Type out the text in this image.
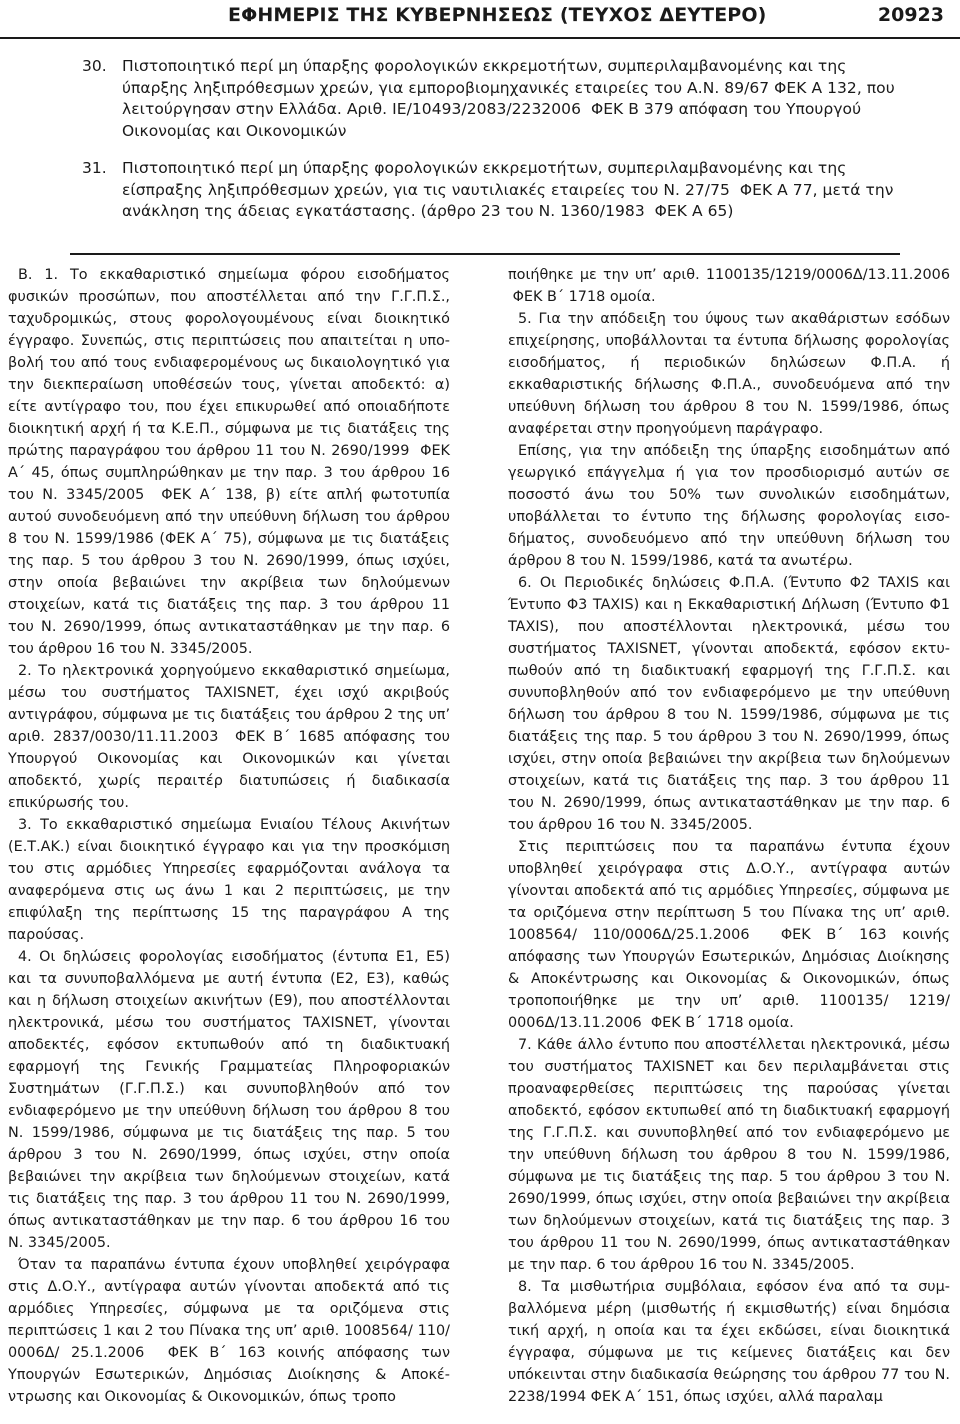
ΕΦΗΜΕΡΙΣ ΤΗΣ ΚΥΒΕΡΝΗΣΕΩΣ (ΤΕΥΧΟΣ ΔΕΥΤΕΡΟ)	20923
30. Πιστοποιητικό περί μη ύπαρξης φορολογικών εκκρεμοτήτων, συμπεριλαμβανομένης και της ύπαρξης ληξιπρόθεσμων χρεών, για εμποροβιομηχανικές εταιρείες του Α.Ν. 89/67 ΦΕΚ Α 132, που λειτούργησαν στην Ελλάδα. Αριθ. ΙΕ/10493/2083/2232006 ΦΕΚ Β 379 απόφαση του Υπουργού Οικονομίας και Οικονομικών
31. Πιστοποιητικό περί μη ύπαρξης φορολογικών εκκρεμοτήτων, συμπεριλαμβανομένης και της είσπραξης ληξιπρόθεσμων χρεών, για τις ναυτιλιακές εταιρείες του Ν. 27/75 ΦΕΚ Α 77, μετά την ανάκληση της άδειας εγκατάστασης. (άρθρο 23 του Ν. 1360/1983 ΦΕΚ Α 65)

Β. 1. Το εκκαθαριστικό σημείωμα φόρου εισοδήματος φυσικών προσώπων, που αποστέλλεται από την Γ.Γ.Π.Σ., ταχυδρομικώς, στους φορολογουμένους είναι διοικητικό έγγραφο. Συνεπώς, στις περιπτώσεις που απαιτείται η υποβολή του από τους ενδιαφερομένους ως δικαιολογητικό για την διεκπεραίωση υποθέσεών τους, γίνεται αποδεκτό: α) είτε αντίγραφο του, που έχει επικυρωθεί από οποιαδήποτε διοικητική αρχή ή τα Κ.Ε.Π., σύμφωνα με τις διατάξεις της πρώτης παραγράφου του άρθρου 11 του Ν. 2690/1999 ΦΕΚ Α΄ 45, όπως συμπληρώθηκαν με την παρ. 3 του άρθρου 16 του Ν. 3345/2005 ΦΕΚ Α΄ 138, β) είτε απλή φωτοτυπία αυτού συνοδευόμενη από την υπεύθυνη δήλωση του άρθρου 8 του Ν. 1599/1986 (ΦΕΚ Α΄ 75), σύμφωνα με τις διατάξεις της παρ. 5 του άρθρου 3 του Ν. 2690/1999, όπως ισχύει, στην οποία βεβαιώνει την ακρίβεια των δηλούμενων στοιχείων, κατά τις διατάξεις της παρ. 3 του άρθρου 11 του Ν. 2690/1999, όπως αντικαταστάθηκαν με την παρ. 6 του άρθρου 16 του Ν. 3345/2005.

2. Το ηλεκτρονικά χορηγούμενο εκκαθαριστικό σημείωμα, μέσω του συστήματος TAXISNET, έχει ισχύ ακριβούς αντιγράφου, σύμφωνα με τις διατάξεις του άρθρου 2 της υπ’ αριθ. 2837/0030/11.11.2003 ΦΕΚ Β΄ 1685 απόφασης του Υπουργού Οικονομίας και Οικονομικών και γίνεται αποδεκτό, χωρίς περαιτέρ διατυπώσεις ή διαδικασία επικύρωσής του.

3. Το εκκαθαριστικό σημείωμα Ενιαίου Τέλους Ακινήτων (Ε.Τ.ΑΚ.) είναι διοικητικό έγγραφο και για την προσκόμιση του στις αρμόδιες Υπηρεσίες εφαρμόζονται ανάλογα τα αναφερόμενα στις ως άνω 1 και 2 περιπτώσεις, με την επιφύλαξη της περίπτωσης 15 της παραγράφου Α της παρούσας.

4. Οι δηλώσεις φορολογίας εισοδήματος (έντυπα Ε1, Ε5) και τα συνυποβαλλόμενα με αυτή έντυπα (Ε2, Ε3), καθώς και η δήλωση στοιχείων ακινήτων (Ε9), που αποστέλλονται ηλεκτρονικά, μέσω του συστήματος TAXISNET, γίνονται αποδεκτές, εφόσον εκτυπωθούν από τη διαδικτυακή εφαρμογή της Γενικής Γραμματείας Πληροφοριακών Συστημάτων (Γ.Γ.Π.Σ.) και συνυποβληθούν από τον ενδιαφερόμενο με την υπεύθυνη δήλωση του άρθρου 8 του Ν. 1599/1986, σύμφωνα με τις διατάξεις της παρ. 5 του άρθρου 3 του Ν. 2690/1999, όπως ισχύει, στην οποία βεβαιώνει την ακρίβεια των δηλούμενων στοιχείων, κατά τις διατάξεις της παρ. 3 του άρθρου 11 του Ν. 2690/1999, όπως αντικαταστάθηκαν με την παρ. 6 του άρθρου 16 του Ν. 3345/2005.

Όταν τα παραπάνω έντυπα έχουν υποβληθεί χειρόγραφα στις Δ.Ο.Υ., αντίγραφα αυτών γίνονται αποδεκτά από τις αρμόδιες Υπηρεσίες, σύμφωνα με τα οριζόμενα στις περιπτώσεις 1 και 2 του Πίνακα της υπ’ αριθ. 1008564/ 110/ 0006Δ/ 25.1.2006 ΦΕΚ Β΄ 163 κοινής απόφασης των Υπουργών Εσωτερικών, Δημόσιας Διοίκησης & Αποκέντρωσης και Οικονομίας & Οικονομικών, όπως τροπο

ποιήθηκε με την υπ’ αριθ. 1100135/1219/0006Δ/13.11.2006 ΦΕΚ Β΄ 1718 ομοία.

5. Για την απόδειξη του ύψους των ακαθάριστων εσόδων επιχείρησης, υποβάλλονται τα έντυπα δήλωσης φορολογίας εισοδήματος, ή περιοδικών δηλώσεων Φ.Π.Α. ή εκκαθαριστικής δήλωσης Φ.Π.Α., συνοδευόμενα από την υπεύθυνη δήλωση του άρθρου 8 του Ν. 1599/1986, όπως αναφέρεται στην προηγούμενη παράγραφο.

Επίσης, για την απόδειξη της ύπαρξης εισοδημάτων από γεωργικό επάγγελμα ή για τον προσδιορισμό αυτών σε ποσοστό άνω του 50% των συνολικών εισοδημάτων, υποβάλλεται το έντυπο της δήλωσης φορολογίας εισοδήματος, συνοδευόμενο από την υπεύθυνη δήλωση του άρθρου 8 του Ν. 1599/1986, κατά τα ανωτέρω.

6. Οι Περιοδικές δηλώσεις Φ.Π.Α. (Έντυπο Φ2 TAXIS και Έντυπο Φ3 TAXIS) και η Εκκαθαριστική Δήλωση (Έντυπο Φ1 TAXIS), που αποστέλλονται ηλεκτρονικά, μέσω του συστήματος TAXISNET, γίνονται αποδεκτά, εφόσον εκτυπωθούν από τη διαδικτυακή εφαρμογή της Γ.Γ.Π.Σ. και συνυποβληθούν από τον ενδιαφερόμενο με την υπεύθυνη δήλωση του άρθρου 8 του Ν. 1599/1986, σύμφωνα με τις διατάξεις της παρ. 5 του άρθρου 3 του Ν. 2690/1999, όπως ισχύει, στην οποία βεβαιώνει την ακρίβεια των δηλούμενων στοιχείων, κατά τις διατάξεις της παρ. 3 του άρθρου 11 του Ν. 2690/1999, όπως αντικαταστάθηκαν με την παρ. 6 του άρθρου 16 του Ν. 3345/2005.

Στις περιπτώσεις που τα παραπάνω έντυπα έχουν υποβληθεί χειρόγραφα στις Δ.Ο.Υ., αντίγραφα αυτών γίνονται αποδεκτά από τις αρμόδιες Υπηρεσίες, σύμφωνα με τα οριζόμενα στην περίπτωση 5 του Πίνακα της υπ’ αριθ. 1008564/ 110/0006Δ/25.1.2006 ΦΕΚ Β΄ 163 κοινής απόφασης των Υπουργών Εσωτερικών, Δημόσιας Διοίκησης & Αποκέντρωσης και Οικονομίας & Οικονομικών, όπως τροποποιήθηκε με την υπ’ αριθ. 1100135/ 1219/ 0006Δ/13.11.2006 ΦΕΚ Β΄ 1718 ομοία.

7. Κάθε άλλο έντυπο που αποστέλλεται ηλεκτρονικά, μέσω του συστήματος TAXISNET και δεν περιλαμβάνεται στις προαναφερθείσες περιπτώσεις της παρούσας γίνεται αποδεκτό, εφόσον εκτυπωθεί από τη διαδικτυακή εφαρμογή της Γ.Γ.Π.Σ. και συνυποβληθεί από τον ενδιαφερόμενο με την υπεύθυνη δήλωση του άρθρου 8 του Ν. 1599/1986, σύμφωνα με τις διατάξεις της παρ. 5 του άρθρου 3 του Ν. 2690/1999, όπως ισχύει, στην οποία βεβαιώνει την ακρίβεια των δηλούμενων στοιχείων, κατά τις διατάξεις της παρ. 3 του άρθρου 11 του Ν. 2690/1999, όπως αντικαταστάθηκαν με την παρ. 6 του άρθρου 16 του Ν. 3345/2005.

8. Τα μισθωτήρια συμβόλαια, εφόσον ένα από τα συμβαλλόμενα μέρη (μισθωτής ή εκμισθωτής) είναι δημόσια τική αρχή, η οποία και τα έχει εκδώσει, είναι διοικητικά έγγραφα, σύμφωνα με τις κείμενες διατάξεις και δεν υπόκεινται στην διαδικασία θεώρησης του άρθρου 77 του Ν. 2238/1994 ΦΕΚ Α΄ 151, όπως ισχύει, αλλά παραλαμ
